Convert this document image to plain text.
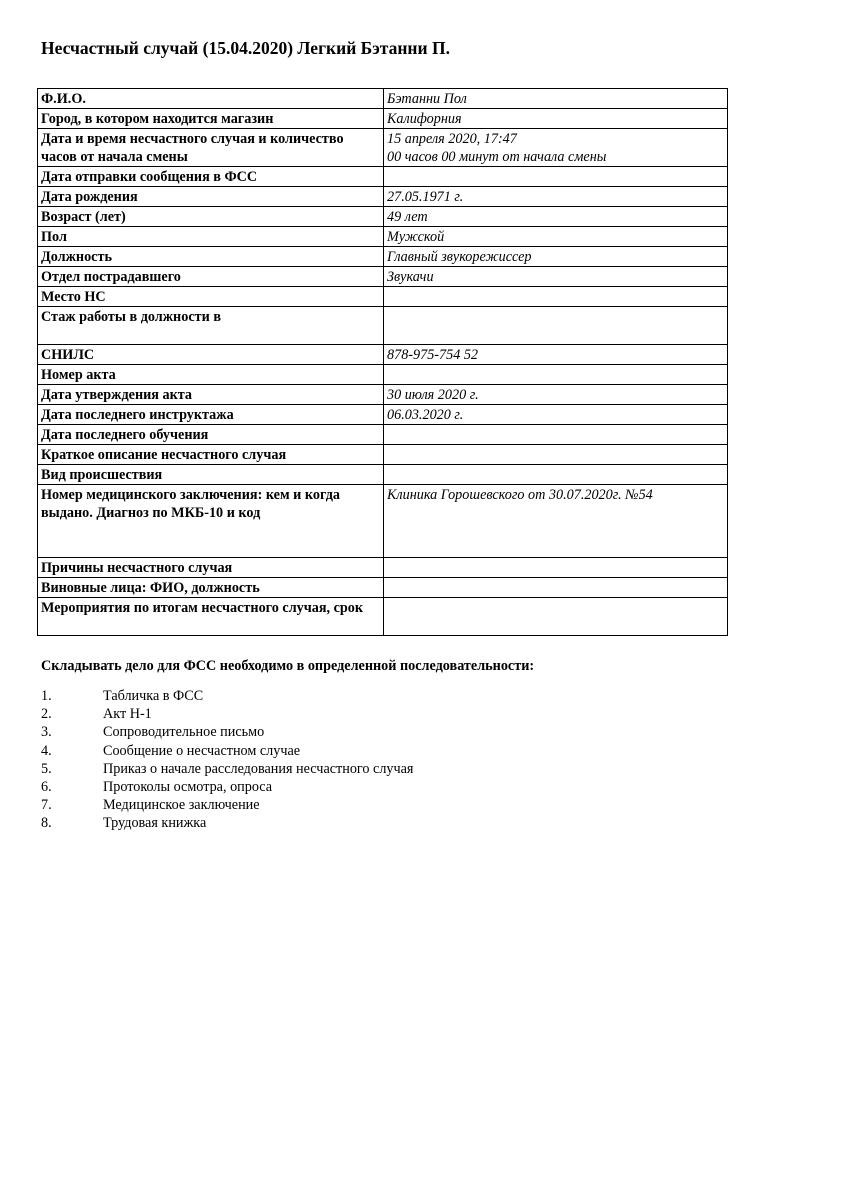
Несчастный случай (15.04.2020) Легкий Бэтанни П.
Ф.И.О.	Бэтанни Пол
Город, в котором находится магазин	Калифорния
Дата и время несчастного случая и количество часов от начала смены	15 апреля 2020, 17:47
00 часов 00 минут от начала смены

Дата отправки сообщения в ФСС	
Дата рождения	27.05.1971 г.
Возраст (лет)	49 лет
Пол	Мужской
Должность	Главный звукорежиссер
Отдел пострадавшего	Звукачи
Место НС	
Стаж работы в должности в	
СНИЛС	878-975-754 52
Номер акта	
Дата утверждения акта	30 июля 2020 г.
Дата последнего инструктажа	06.03.2020 г.
Дата последнего обучения	
Краткое описание несчастного случая	
Вид происшествия	
Номер медицинского заключения: кем и когда выдано. Диагноз по МКБ-10 и код	Клиника Горошевского от 30.07.2020г. №54
Причины несчастного случая	
Виновные лица: ФИО, должность	
Мероприятия по итогам несчастного случая, срок	
Складывать дело для ФСС необходимо в определенной последовательности:
1.	Табличка в ФСС
2.	Акт Н-1
3.	Сопроводительное письмо
4.	Сообщение о несчастном случае
5.	Приказ о начале расследования несчастного случая
6.	Протоколы осмотра, опроса
7.	Медицинское заключение
8.	Трудовая книжка
